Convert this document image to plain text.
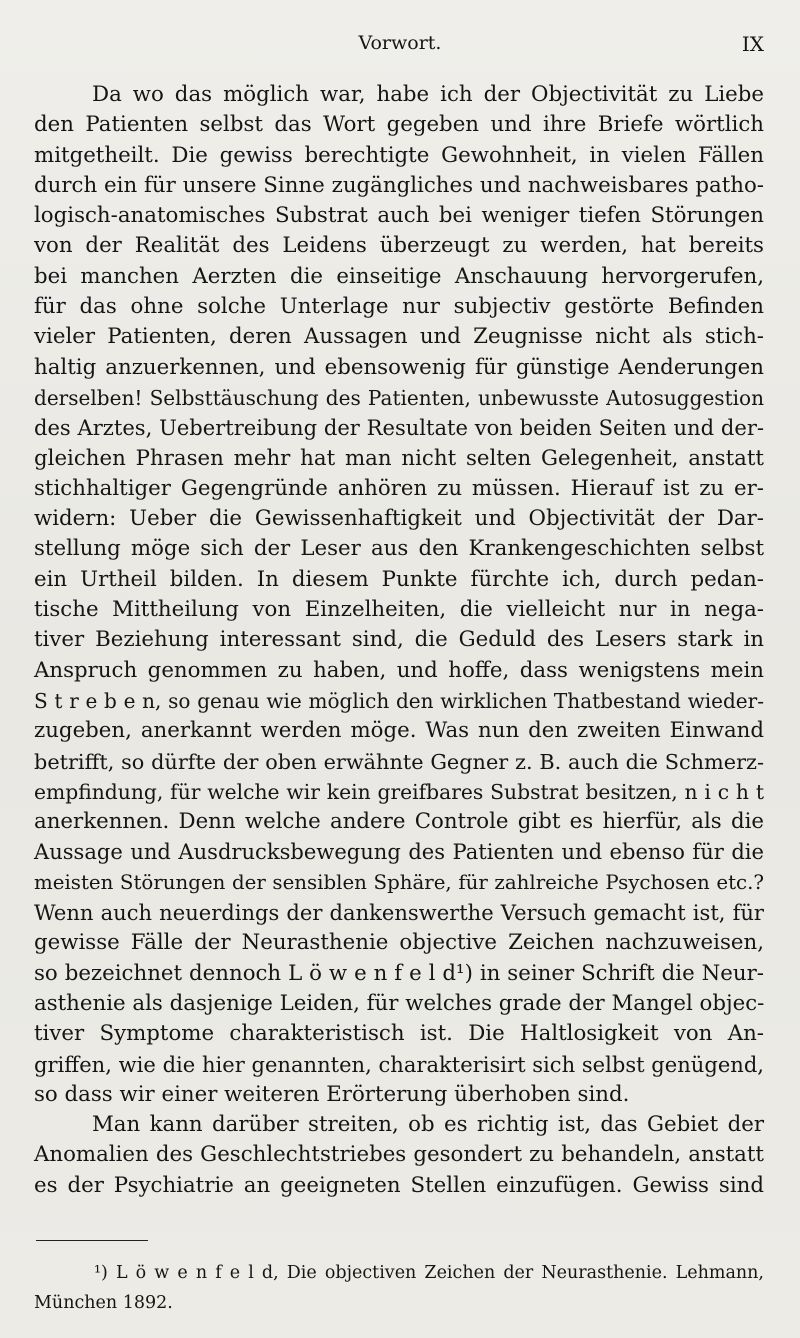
Vorwort.	IX
Da wo das möglich war, habe ich der Objectivität zu Liebe
den Patienten selbst das Wort gegeben und ihre Briefe wörtlich
mitgetheilt. Die gewiss berechtigte Gewohnheit, in vielen Fällen
durch ein für unsere Sinne zugängliches und nachweisbares patho-
logisch-anatomisches Substrat auch bei weniger tiefen Störungen
von der Realität des Leidens überzeugt zu werden, hat bereits
bei manchen Aerzten die einseitige Anschauung hervorgerufen,
für das ohne solche Unterlage nur subjectiv gestörte Befinden
vieler Patienten, deren Aussagen und Zeugnisse nicht als stich-
haltig anzuerkennen, und ebensowenig für günstige Aenderungen
derselben! Selbsttäuschung des Patienten, unbewusste Autosuggestion
des Arztes, Uebertreibung der Resultate von beiden Seiten und der-
gleichen Phrasen mehr hat man nicht selten Gelegenheit, anstatt
stichhaltiger Gegengründe anhören zu müssen. Hierauf ist zu er-
widern: Ueber die Gewissenhaftigkeit und Objectivität der Dar-
stellung möge sich der Leser aus den Krankengeschichten selbst
ein Urtheil bilden. In diesem Punkte fürchte ich, durch pedan-
tische Mittheilung von Einzelheiten, die vielleicht nur in nega-
tiver Beziehung interessant sind, die Geduld des Lesers stark in
Anspruch genommen zu haben, und hoffe, dass wenigstens mein
S t r e b e n, so genau wie möglich den wirklichen Thatbestand wieder-
zugeben, anerkannt werden möge. Was nun den zweiten Einwand
betrifft, so dürfte der oben erwähnte Gegner z. B. auch die Schmerz-
empfindung, für welche wir kein greifbares Substrat besitzen, n i c h t
anerkennen. Denn welche andere Controle gibt es hierfür, als die
Aussage und Ausdrucksbewegung des Patienten und ebenso für die
meisten Störungen der sensiblen Sphäre, für zahlreiche Psychosen etc.?
Wenn auch neuerdings der dankenswerthe Versuch gemacht ist, für
gewisse Fälle der Neurasthenie objective Zeichen nachzuweisen,
so bezeichnet dennoch L ö w e n f e l d¹) in seiner Schrift die Neur-
asthenie als dasjenige Leiden, für welches grade der Mangel objec-
tiver Symptome charakteristisch ist. Die Haltlosigkeit von An-
griffen, wie die hier genannten, charakterisirt sich selbst genügend,
so dass wir einer weiteren Erörterung überhoben sind.
Man kann darüber streiten, ob es richtig ist, das Gebiet der
Anomalien des Geschlechtstriebes gesondert zu behandeln, anstatt
es der Psychiatrie an geeigneten Stellen einzufügen. Gewiss sind
¹) L ö w e n f e l d, Die objectiven Zeichen der Neurasthenie. Lehmann,
München 1892.
